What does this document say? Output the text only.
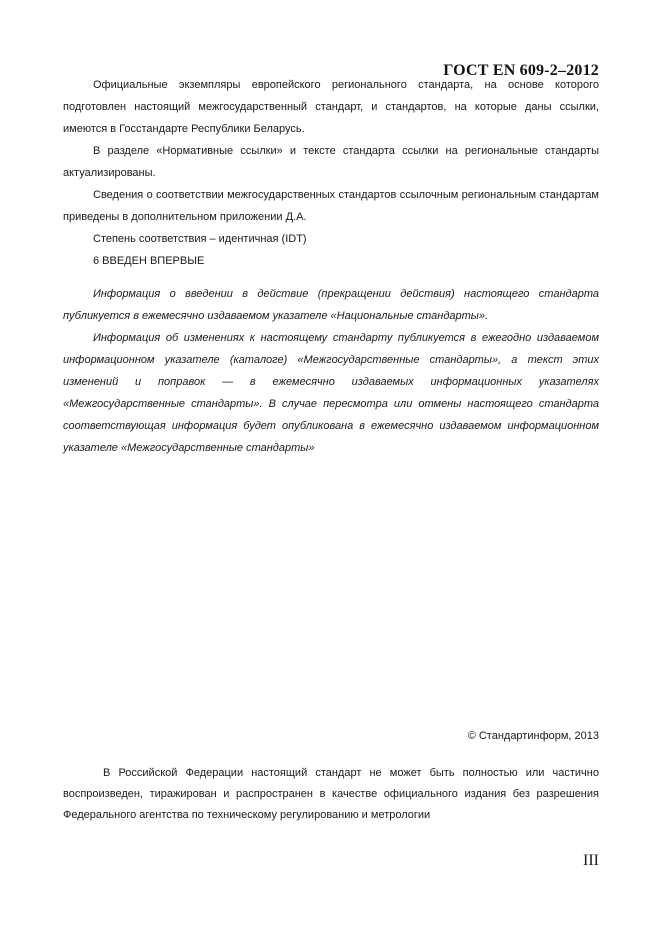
ГОСТ EN 609-2–2012

Официальные экземпляры европейского регионального стандарта, на основе которого подготовлен настоящий межгосударственный стандарт, и стандартов, на которые даны ссылки, имеются в Госстандарте Республики Беларусь.

В разделе «Нормативные ссылки» и тексте стандарта ссылки на региональные стандарты актуализированы.

Сведения о соответствии межгосударственных стандартов ссылочным региональным стандартам приведены в дополнительном приложении Д.А.

Степень соответствия – идентичная (IDT)

6 ВВЕДЕН ВПЕРВЫЕ

Информация о введении в действие (прекращении действия) настоящего стандарта публикуется в ежемесячно издаваемом указателе «Национальные стандарты».

Информация об изменениях к настоящему стандарту публикуется в ежегодно издаваемом информационном указателе (каталоге) «Межгосударственные стандарты», а текст этих изменений и поправок — в ежемесячно издаваемых информационных указателях «Межгосударственные стандарты». В случае пересмотра или отмены настоящего стандарта соответствующая информация будет опубликована в ежемесячно издаваемом информационном указателе «Межгосударственные стандарты»

© Стандартинформ, 2013

В Российской Федерации настоящий стандарт не может быть полностью или частично воспроизведен, тиражирован и распространен в качестве официального издания без разрешения Федерального агентства по техническому регулированию и метрологии

III
